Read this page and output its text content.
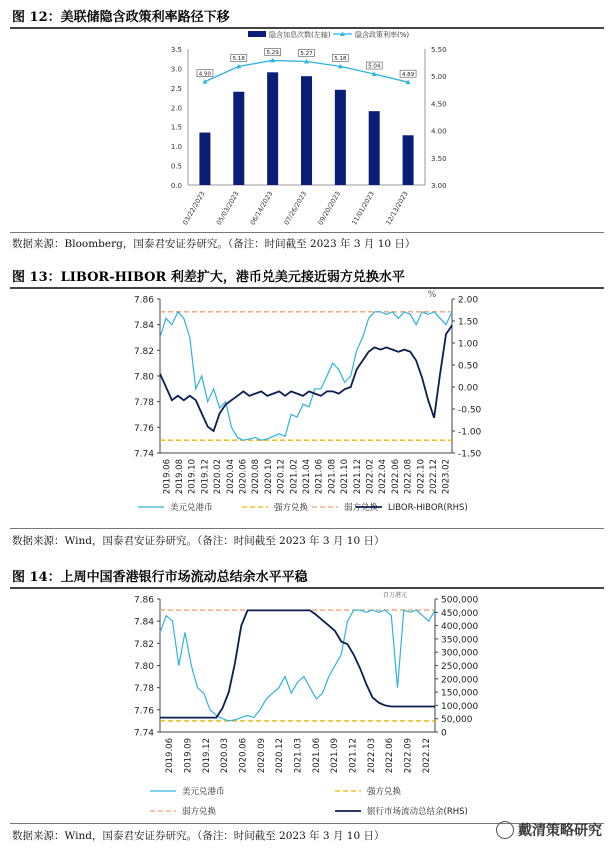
图 12：美联储隐含政策利率路径下移
0.0
0.5
1.0
1.5
2.0
2.5
3.0
3.5
3.00
3.50
4.00
4.50
5.00
5.50
03/22/2023 05/03/2023 06/14/2023 07/26/2023 09/20/2023 11/01/2023 12/13/2023
4.90
5.18
5.29	5.27
5.18
5.04
4.89
隐含加息次数(左轴)	隐含政策利率(%)
数据来源：Bloomberg，国泰君安证券研究。（备注：时间截至 2023 年 3 月 10 日）
图 13：LIBOR-HIBOR 利差扩大，港币兑美元接近弱方兑换水平
7.74
7.76
7.78
7.80
7.82
7.84
7.86
-1.50
-1.00
-0.50
0.00
0.50
1.00
1.50
2.00
%
2019.06 2019.08 2019.10 2019.12 2020.02 2020.04 2020.06 2020.08 2020.10 2020.12 2021.02 2021.04 2021.06 2021.08 2021.10 2021.12 2022.02 2022.04 2022.06 2022.08 2022.10 2022.12 2023.02
美元兑港币	强方兑换	弱方兑换 LIBOR-HIBOR(RHS)
数据来源：Wind，国泰君安证券研究。（备注：时间截至 2023 年 3 月 10 日）
图 14：上周中国香港银行市场流动总结余水平平稳
7.74
7.76
7.78
7.80
7.82
7.84
7.86
0
50,000
100,000
150,000
200,000
250,000
300,000
350,000
400,000
450,000
500,000
百万港元
2019.06 2019.09 2019.12 2020.03 2020.06 2020.09 2020.12 2021.03 2021.06 2021.09 2021.12 2022.03 2022.06 2022.09 2022.12
美元兑港币	强方兑换
弱方兑换	银行市场流动总结余(RHS)
数据来源：Wind，国泰君安证券研究。（备注：时间截至 2023 年 3 月 10 日）	戴清策略研究
